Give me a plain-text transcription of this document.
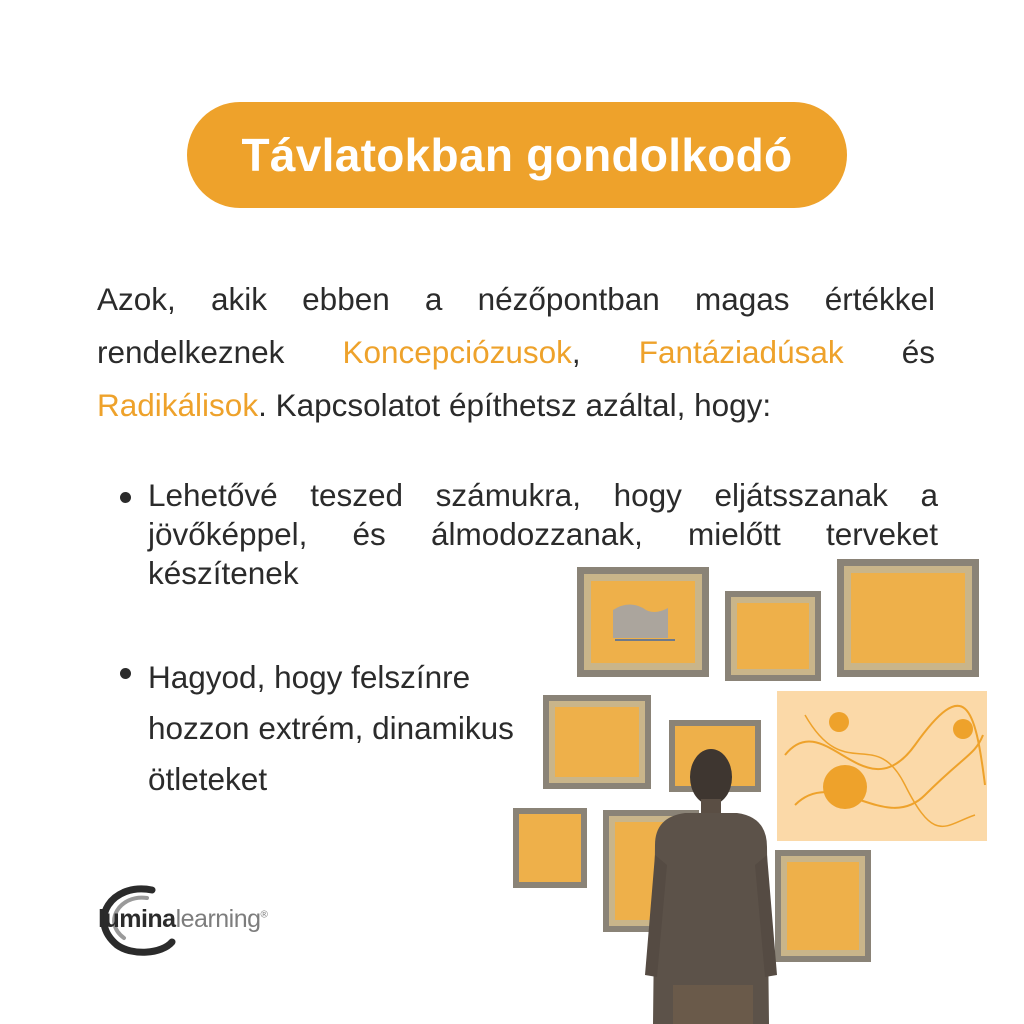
Távlatokban gondolkodó
Azok, akik ebben a nézőpontban magas értékkel rendelkeznek Koncepciózusok, Fantáziadúsak és Radikálisok. Kapcsolatot építhetsz azáltal, hogy:
Lehetővé teszed számukra, hogy eljátsszanak a jövőképpel, és álmodozzanak, mielőtt terveket készítenek
Hagyod, hogy felszínre hozzon extrém, dinamikus ötleteket
luminalearning®
